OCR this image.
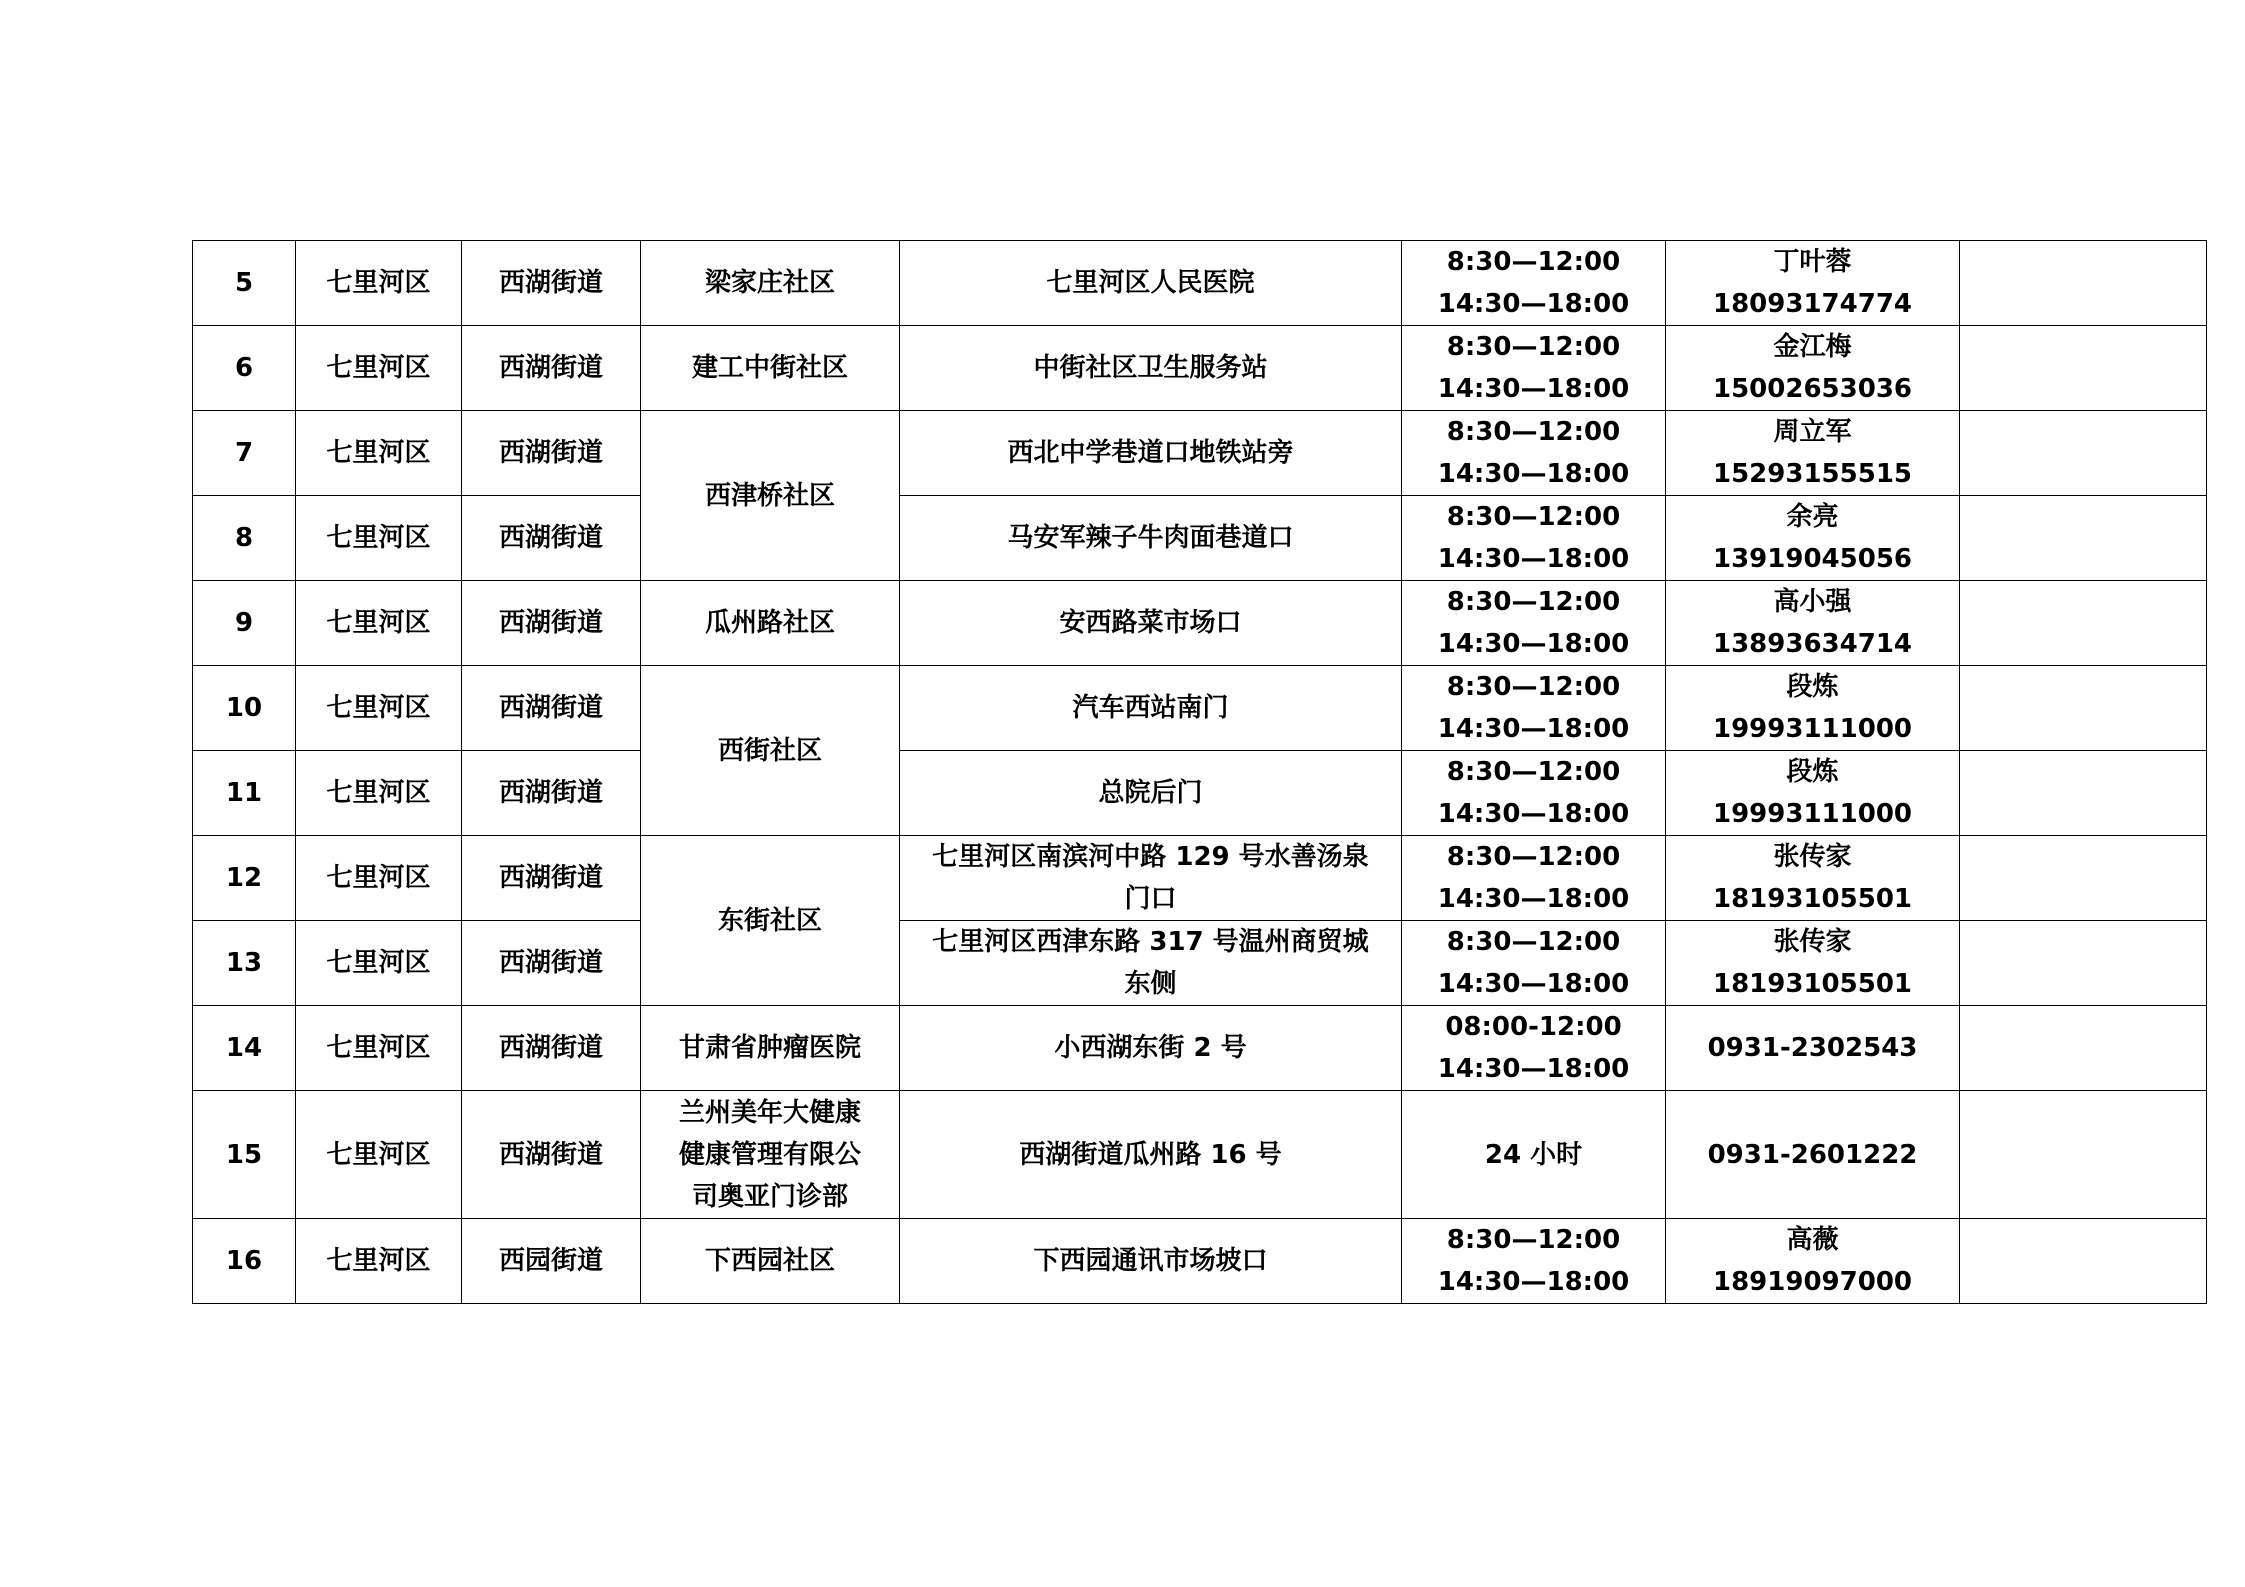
5	七里河区	西湖街道	梁家庄社区	七里河区人民医院	8:30—12:00
14:30—18:00	丁叶蓉
18093174774	

6	七里河区	西湖街道	建工中街社区	中街社区卫生服务站	8:30—12:00
14:30—18:00	金江梅
15002653036	

7	七里河区	西湖街道	西津桥社区	西北中学巷道口地铁站旁	8:30—12:00
14:30—18:00	周立军
15293155515	

8	七里河区	西湖街道		马安军辣子牛肉面巷道口	8:30—12:00
14:30—18:00	余亮
13919045056	

9	七里河区	西湖街道	瓜州路社区	安西路菜市场口	8:30—12:00
14:30—18:00	高小强
13893634714	

10	七里河区	西湖街道	西街社区	汽车西站南门	8:30—12:00
14:30—18:00	段炼
19993111000	

11	七里河区	西湖街道		总院后门	8:30—12:00
14:30—18:00	段炼
19993111000	

12	七里河区	西湖街道	东街社区	七里河区南滨河中路 129 号水善汤泉
门口	8:30—12:00
14:30—18:00	张传家
18193105501	

13	七里河区	西湖街道		七里河区西津东路 317 号温州商贸城
东侧	8:30—12:00
14:30—18:00	张传家
18193105501	

14	七里河区	西湖街道	甘肃省肿瘤医院	小西湖东街 2 号	08:00-12:00
14:30—18:00	0931-2302543	
15	七里河区	西湖街道	兰州美年大健康
健康管理有限公
司奥亚门诊部	西湖街道瓜州路 16 号	24 小时	0931-2601222	
16	七里河区	西园街道	下西园社区	下西园通讯市场坡口	8:30—12:00
14:30—18:00	高薇
18919097000	
